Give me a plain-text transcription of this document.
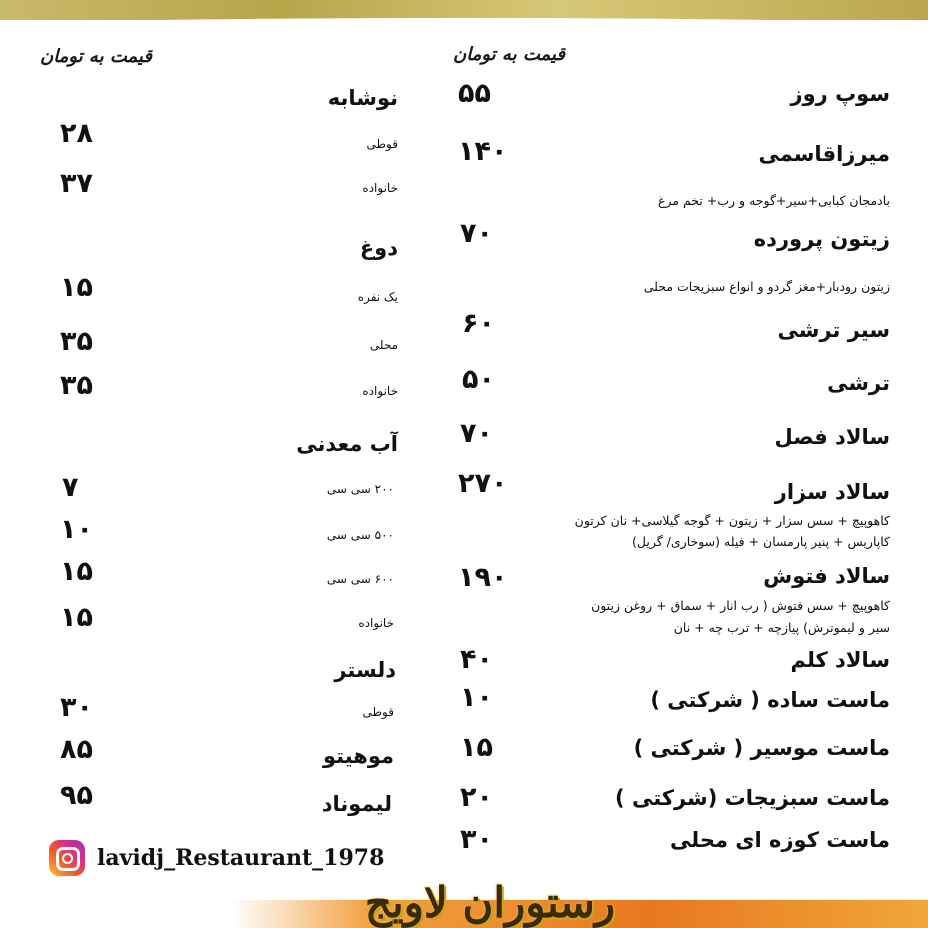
قیمت به تومان
قیمت به تومان
سوپ روز
۵۵
میرزاقاسمی
۱۴۰
بادمجان کبابی+سیر+گوجه و رب+ تخم مرغ
زیتون پرورده
۷۰
زیتون رودبار+مغز گردو و انواع سبزیجات محلی
سیر ترشی
۶۰
ترشی
۵۰
سالاد فصل
۷۰
سالاد سزار
۲۷۰
کاهوپیچ + سس سزار + زیتون + گوجه گیلاسی+ نان کرتون
کاپاریس + پنیر پارمسان + فیله (سوخاری/ گریل)
سالاد فتوش
۱۹۰
کاهوپیچ + سس فتوش ( رب انار + سماق + روغن زیتون
سیر و لیموترش) پیازچه + ترب چه + نان
سالاد کلم
۴۰
ماست ساده ( شرکتی )
۱۰
ماست موسیر ( شرکتی )
۱۵
ماست سبزیجات (شرکتی )
۲۰
ماست کوزه ای محلی
۳۰
نوشابه
قوطی
۲۸
خانواده
۳۷
دوغ
یک نفره
۱۵
محلی
۳۵
خانواده
۳۵
آب معدنی
۲۰۰ سی سی
۷
۵۰۰ سی سی
۱۰
۶۰۰ سی سی
۱۵
خانواده
۱۵
دلستر
قوطی
۳۰
موهیتو
۸۵
لیموناد
۹۵
lavidj_Restaurant_1978
رستوران لاویج
